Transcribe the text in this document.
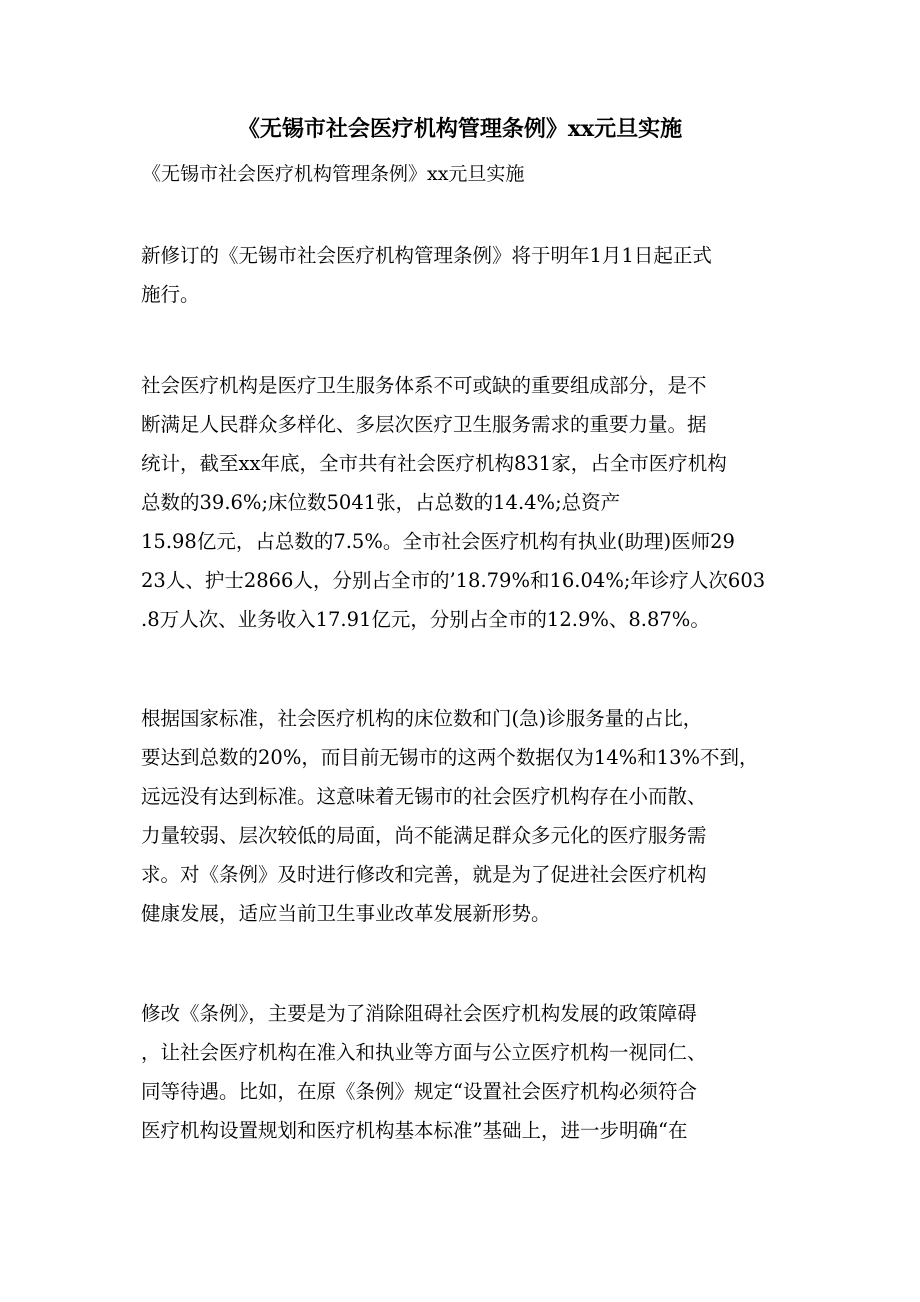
《无锡市社会医疗机构管理条例》xx元旦实施
《无锡市社会医疗机构管理条例》xx元旦实施
新修订的《无锡市社会医疗机构管理条例》将于明年1月1日起正式
施行。
社会医疗机构是医疗卫生服务体系不可或缺的重要组成部分，是不
断满足人民群众多样化、多层次医疗卫生服务需求的重要力量。据
统计，截至xx年底，全市共有社会医疗机构831家，占全市医疗机构
总数的39.6%;床位数5041张，占总数的14.4%;总资产
15.98亿元，占总数的7.5%。全市社会医疗机构有执业(助理)医师29
23人、护士2866人，分别占全市的’18.79%和16.04%;年诊疗人次603
.8万人次、业务收入17.91亿元，分别占全市的12.9%、8.87%。
根据国家标准，社会医疗机构的床位数和门(急)诊服务量的占比，
要达到总数的20%，而目前无锡市的这两个数据仅为14%和13%不到，
远远没有达到标准。这意味着无锡市的社会医疗机构存在小而散、
力量较弱、层次较低的局面，尚不能满足群众多元化的医疗服务需
求。对《条例》及时进行修改和完善，就是为了促进社会医疗机构
健康发展，适应当前卫生事业改革发展新形势。
修改《条例》，主要是为了消除阻碍社会医疗机构发展的政策障碍
，让社会医疗机构在准入和执业等方面与公立医疗机构一视同仁、
同等待遇。比如，在原《条例》规定“设置社会医疗机构必须符合
医疗机构设置规划和医疗机构基本标准”基础上，进一步明确“在
